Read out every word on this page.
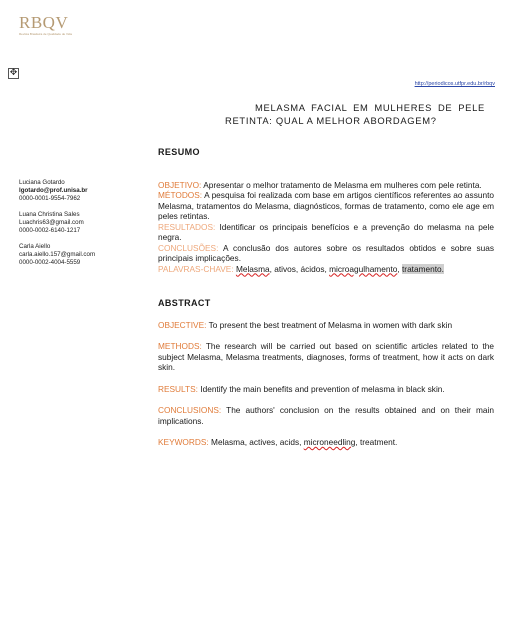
RBQV
Revista Brasileira de Qualidade de Vida
✥
http://periodicos.utfpr.edu.br/rbqv
MELASMA FACIAL EM MULHERES DE PELE
RETINTA: QUAL A MELHOR ABORDAGEM?
Luciana Gotardo
lgotardo@prof.unisa.br
0000-0001-9554-7962
Luana Christina Sales
Luachris63@gmail.com
0000-0002-6140-1217
Carla Aiello
carla.aiello.157@gmail.com
0000-0002-4004-5559
RESUMO

OBJETIVO: Apresentar o melhor tratamento de Melasma em mulheres com pele retinta.

MÉTODOS: A pesquisa foi realizada com base em artigos científicos referentes ao assunto Melasma, tratamentos do Melasma, diagnósticos, formas de tratamento, como ele age em peles retintas.

RESULTADOS: Identificar os principais benefícios e a prevenção do melasma na pele negra.

CONCLUSÕES: A conclusão dos autores sobre os resultados obtidos e sobre suas principais implicações.

PALAVRAS-CHAVE: Melasma, ativos, ácidos, microagulhamento, tratamento.

ABSTRACT

OBJECTIVE: To present the best treatment of Melasma in women with dark skin

METHODS: The research will be carried out based on scientific articles related to the subject Melasma, Melasma treatments, diagnoses, forms of treatment, how it acts on dark skin.

RESULTS: Identify the main benefits and prevention of melasma in black skin.

CONCLUSIONS: The authors' conclusion on the results obtained and on their main implications.

KEYWORDS: Melasma, actives, acids, microneedling, treatment.
